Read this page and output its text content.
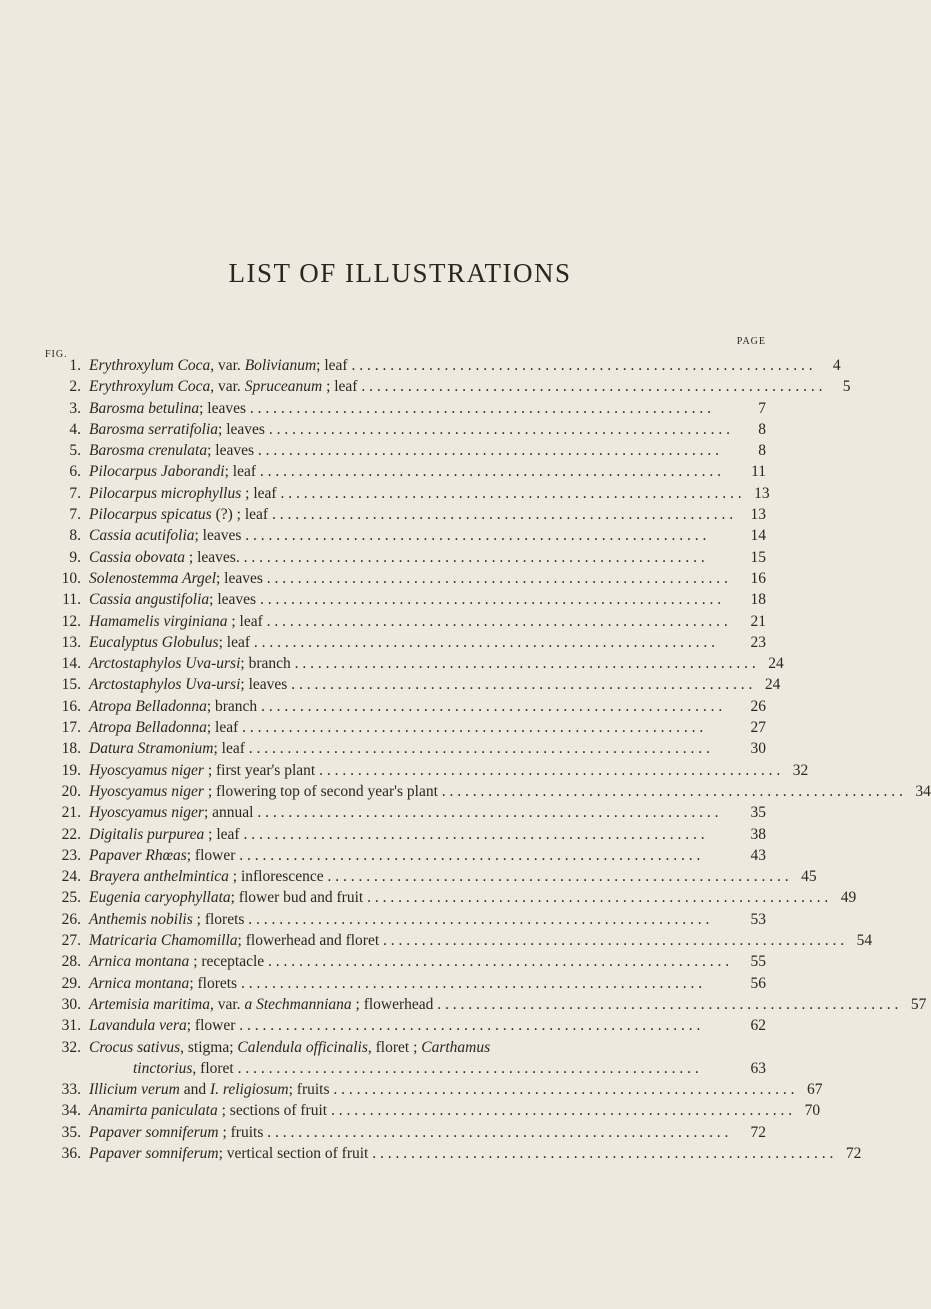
LIST OF ILLUSTRATIONS
PAGE
FIG.
1. Erythroxylum Coca, var. Bolivianum; leaf . . . . . . . . . . . . . . . . . . . . . . . . . . . . . . . . . . . . . . . . . . . . . . . . . . . . . . . . . . . .	4
2. Erythroxylum Coca, var. Spruceanum ; leaf . . . . . . . . . . . . . . . . . . . . . . . . . . . . . . . . . . . . . . . . . . . . . . . . . . . . . . . . . . . .	5
3. Barosma betulina; leaves . . . . . . . . . . . . . . . . . . . . . . . . . . . . . . . . . . . . . . . . . . . . . . . . . . . . . . . . . . . .	7
4. Barosma serratifolia; leaves . . . . . . . . . . . . . . . . . . . . . . . . . . . . . . . . . . . . . . . . . . . . . . . . . . . . . . . . . . . .	8
5. Barosma crenulata; leaves . . . . . . . . . . . . . . . . . . . . . . . . . . . . . . . . . . . . . . . . . . . . . . . . . . . . . . . . . . . .	8
6. Pilocarpus Jaborandi; leaf . . . . . . . . . . . . . . . . . . . . . . . . . . . . . . . . . . . . . . . . . . . . . . . . . . . . . . . . . . . .	11
7. Pilocarpus microphyllus ; leaf . . . . . . . . . . . . . . . . . . . . . . . . . . . . . . . . . . . . . . . . . . . . . . . . . . . . . . . . . . . . 13
7. Pilocarpus spicatus (?) ; leaf . . . . . . . . . . . . . . . . . . . . . . . . . . . . . . . . . . . . . . . . . . . . . . . . . . . . . . . . . . . .	13
8. Cassia acutifolia; leaves . . . . . . . . . . . . . . . . . . . . . . . . . . . . . . . . . . . . . . . . . . . . . . . . . . . . . . . . . . . .	14
9. Cassia obovata ; leaves. . . . . . . . . . . . . . . . . . . . . . . . . . . . . . . . . . . . . . . . . . . . . . . . . . . . . . . . . . . . .	15
10. Solenostemma Argel; leaves . . . . . . . . . . . . . . . . . . . . . . . . . . . . . . . . . . . . . . . . . . . . . . . . . . . . . . . . . . . .	16
11. Cassia angustifolia; leaves . . . . . . . . . . . . . . . . . . . . . . . . . . . . . . . . . . . . . . . . . . . . . . . . . . . . . . . . . . . .	18
12. Hamamelis virginiana ; leaf . . . . . . . . . . . . . . . . . . . . . . . . . . . . . . . . . . . . . . . . . . . . . . . . . . . . . . . . . . . .	21
13. Eucalyptus Globulus; leaf . . . . . . . . . . . . . . . . . . . . . . . . . . . . . . . . . . . . . . . . . . . . . . . . . . . . . . . . . . . .	23
14. Arctostaphylos Uva-ursi; branch . . . . . . . . . . . . . . . . . . . . . . . . . . . . . . . . . . . . . . . . . . . . . . . . . . . . . . . . . . . . 24
15. Arctostaphylos Uva-ursi; leaves . . . . . . . . . . . . . . . . . . . . . . . . . . . . . . . . . . . . . . . . . . . . . . . . . . . . . . . . . . . . 24
16. Atropa Belladonna; branch . . . . . . . . . . . . . . . . . . . . . . . . . . . . . . . . . . . . . . . . . . . . . . . . . . . . . . . . . . . .	26
17. Atropa Belladonna; leaf . . . . . . . . . . . . . . . . . . . . . . . . . . . . . . . . . . . . . . . . . . . . . . . . . . . . . . . . . . . .	27
18. Datura Stramonium; leaf . . . . . . . . . . . . . . . . . . . . . . . . . . . . . . . . . . . . . . . . . . . . . . . . . . . . . . . . . . . .	30
19. Hyoscyamus niger ; first year's plant . . . . . . . . . . . . . . . . . . . . . . . . . . . . . . . . . . . . . . . . . . . . . . . . . . . . . . . . . . . . 32
20. Hyoscyamus niger ; flowering top of second year's plant . . . . . . . . . . . . . . . . . . . . . . . . . . . . . . . . . . . . . . . . . . . . . . . . . . . . . . . . . . . . 34
21. Hyoscyamus niger; annual . . . . . . . . . . . . . . . . . . . . . . . . . . . . . . . . . . . . . . . . . . . . . . . . . . . . . . . . . . . .	35
22. Digitalis purpurea ; leaf . . . . . . . . . . . . . . . . . . . . . . . . . . . . . . . . . . . . . . . . . . . . . . . . . . . . . . . . . . . .	38
23. Papaver Rhœas; flower . . . . . . . . . . . . . . . . . . . . . . . . . . . . . . . . . . . . . . . . . . . . . . . . . . . . . . . . . . . .	43
24. Brayera anthelmintica ; inflorescence . . . . . . . . . . . . . . . . . . . . . . . . . . . . . . . . . . . . . . . . . . . . . . . . . . . . . . . . . . . . 45
25. Eugenia caryophyllata; flower bud and fruit . . . . . . . . . . . . . . . . . . . . . . . . . . . . . . . . . . . . . . . . . . . . . . . . . . . . . . . . . . . . 49
26. Anthemis nobilis ; florets . . . . . . . . . . . . . . . . . . . . . . . . . . . . . . . . . . . . . . . . . . . . . . . . . . . . . . . . . . . .	53
27. Matricaria Chamomilla; flowerhead and floret . . . . . . . . . . . . . . . . . . . . . . . . . . . . . . . . . . . . . . . . . . . . . . . . . . . . . . . . . . . . 54
28. Arnica montana ; receptacle . . . . . . . . . . . . . . . . . . . . . . . . . . . . . . . . . . . . . . . . . . . . . . . . . . . . . . . . . . . .	55
29. Arnica montana; florets . . . . . . . . . . . . . . . . . . . . . . . . . . . . . . . . . . . . . . . . . . . . . . . . . . . . . . . . . . . .	56
30. Artemisia maritima, var. a Stechmanniana ; flowerhead . . . . . . . . . . . . . . . . . . . . . . . . . . . . . . . . . . . . . . . . . . . . . . . . . . . . . . . . . . . . 57
31. Lavandula vera; flower . . . . . . . . . . . . . . . . . . . . . . . . . . . . . . . . . . . . . . . . . . . . . . . . . . . . . . . . . . . .	62
32. Crocus sativus, stigma; Calendula officinalis, floret ; Carthamus
tinctorius, floret . . . . . . . . . . . . . . . . . . . . . . . . . . . . . . . . . . . . . . . . . . . . . . . . . . . . . . . . . . . .	63
33. Illicium verum and I. religiosum; fruits . . . . . . . . . . . . . . . . . . . . . . . . . . . . . . . . . . . . . . . . . . . . . . . . . . . . . . . . . . . . 67
34. Anamirta paniculata ; sections of fruit . . . . . . . . . . . . . . . . . . . . . . . . . . . . . . . . . . . . . . . . . . . . . . . . . . . . . . . . . . . . 70
35. Papaver somniferum ; fruits . . . . . . . . . . . . . . . . . . . . . . . . . . . . . . . . . . . . . . . . . . . . . . . . . . . . . . . . . . . .	72
36. Papaver somniferum; vertical section of fruit . . . . . . . . . . . . . . . . . . . . . . . . . . . . . . . . . . . . . . . . . . . . . . . . . . . . . . . . . . . . 72
